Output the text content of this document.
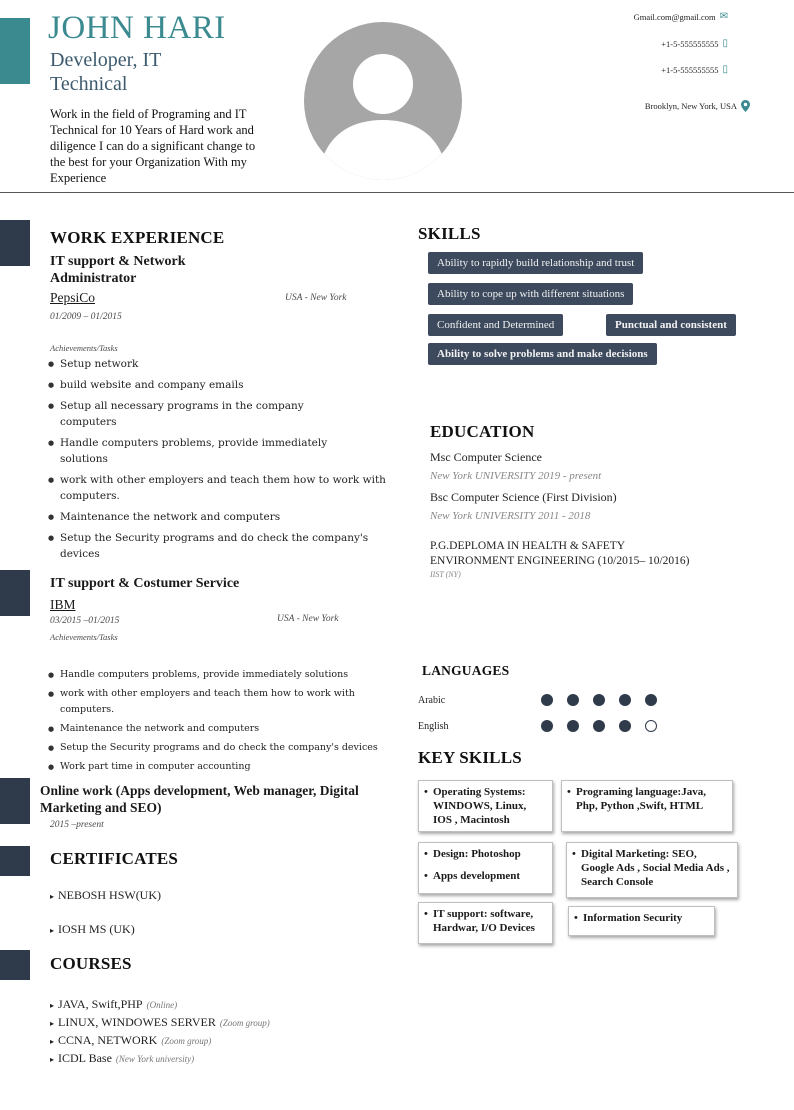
JOHN HARI
Developer, IT Technical
Work in the field of Programing and IT Technical for 10 Years of Hard work and diligence I can do a significant change to the best for your Organization With my Experience
Gmail.com@gmail.com ✉
+1-5-555555555 ▯
+1-5-555555555 ▯
Brooklyn, New York, USA
WORK EXPERIENCE
IT support & Network Administrator
PepsiCo	USA - New York
01/2009 – 01/2015
Achievements/Tasks
● Setup network
● build website and company emails
● Setup all necessary programs in the company computers
● Handle computers problems, provide immediately solutions
● work with other employers and teach them how to work with computers.
● Maintenance the network and computers
● Setup the Security programs and do check the company's devices
IT support & Costumer Service
IBM
USA - New York
03/2015 –01/2015
Achievements/Tasks
● Handle computers problems, provide immediately solutions
● work with other employers and teach them how to work with computers.
● Maintenance the network and computers
● Setup the Security programs and do check the company's devices
● Work part time in computer accounting
Online work (Apps development, Web manager, Digital Marketing and SEO)
2015 –present
CERTIFICATES
▸ NEBOSH HSW(UK)
▸ IOSH MS (UK)
COURSES
▸ JAVA, Swift,PHP (Online)
▸ LINUX, WINDOWES SERVER (Zoom group)
▸ CCNA, NETWORK (Zoom group)
▸ ICDL Base (New York university)
SKILLS
Ability to rapidly build relationship and trust
Ability to cope up with different situations
Confident and Determined	Punctual and consistent
Ability to solve problems and make decisions
EDUCATION
Msc Computer Science
New York UNIVERSITY 2019 - present
Bsc Computer Science (First Division)
New York UNIVERSITY 2011 - 2018
P.G.DEPLOMA IN HEALTH & SAFETY
ENVIRONMENT ENGINEERING (10/2015– 10/2016)
IIST (NY)
LANGUAGES
Arabic
English
KEY SKILLS
• Operating Systems: WINDOWS, Linux, IOS , Macintosh
• Programing language:Java, Php, Python ,Swift, HTML
• Design: Photoshop
• Apps development
• Digital Marketing: SEO, Google Ads , Social Media Ads , Search Console
• IT support: software, Hardwar, I/O Devices
• Information Security
